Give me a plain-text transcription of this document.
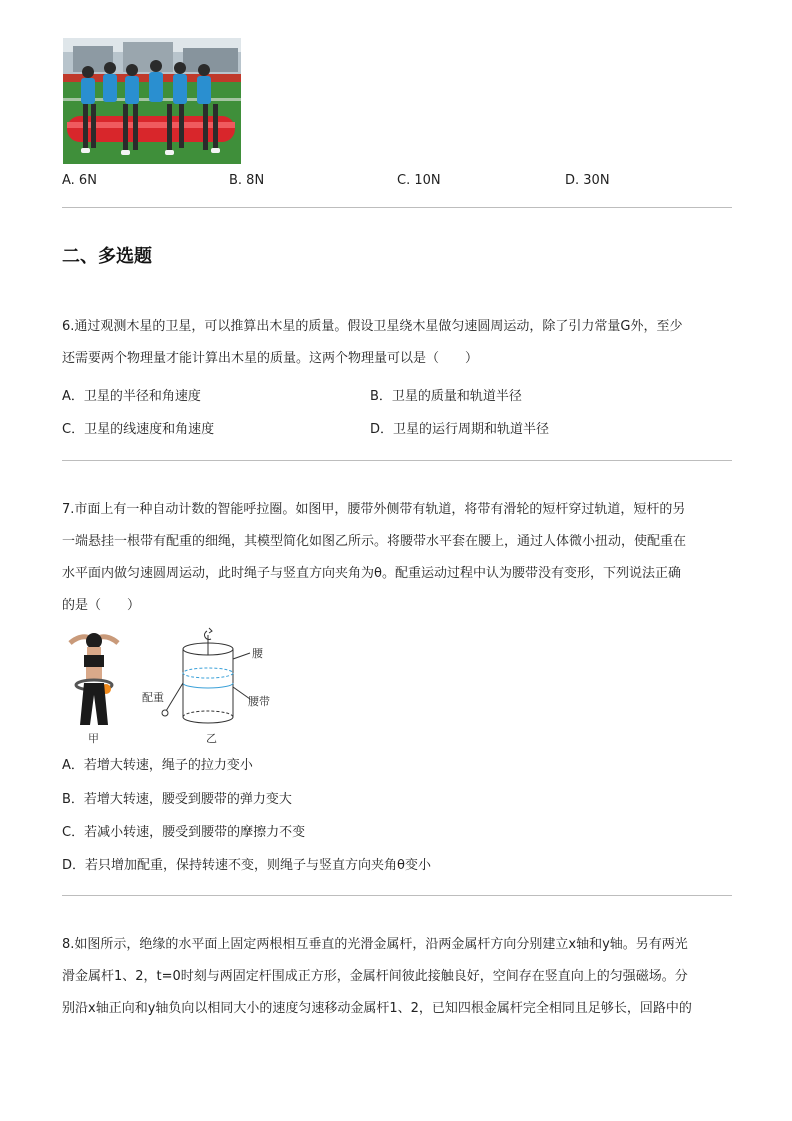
A. 6N	B. 8N	C. 10N	D. 30N
二、多选题
6.通过观测木星的卫星，可以推算出木星的质量。假设卫星绕木星做匀速圆周运动，除了引力常量G外，至少
还需要两个物理量才能计算出木星的质量。这两个物理量可以是（　　）
A．卫星的半径和角速度	B．卫星的质量和轨道半径
C．卫星的线速度和角速度	D．卫星的运行周期和轨道半径
7.市面上有一种自动计数的智能呼拉圈。如图甲，腰带外侧带有轨道，将带有滑轮的短杆穿过轨道，短杆的另
一端悬挂一根带有配重的细绳，其模型简化如图乙所示。将腰带水平套在腰上，通过人体微小扭动，使配重在
水平面内做匀速圆周运动，此时绳子与竖直方向夹角为θ。配重运动过程中认为腰带没有变形，下列说法正确
的是（　　）
甲
腰
腰带
配重
乙
A．若增大转速，绳子的拉力变小
B．若增大转速，腰受到腰带的弹力变大
C．若减小转速，腰受到腰带的摩擦力不变
D．若只增加配重，保持转速不变，则绳子与竖直方向夹角θ变小
8.如图所示，绝缘的水平面上固定两根相互垂直的光滑金属杆，沿两金属杆方向分别建立x轴和y轴。另有两光
滑金属杆1、2，t=0时刻与两固定杆围成正方形，金属杆间彼此接触良好，空间存在竖直向上的匀强磁场。分
别沿x轴正向和y轴负向以相同大小的速度匀速移动金属杆1、2，已知四根金属杆完全相同且足够长，回路中的
